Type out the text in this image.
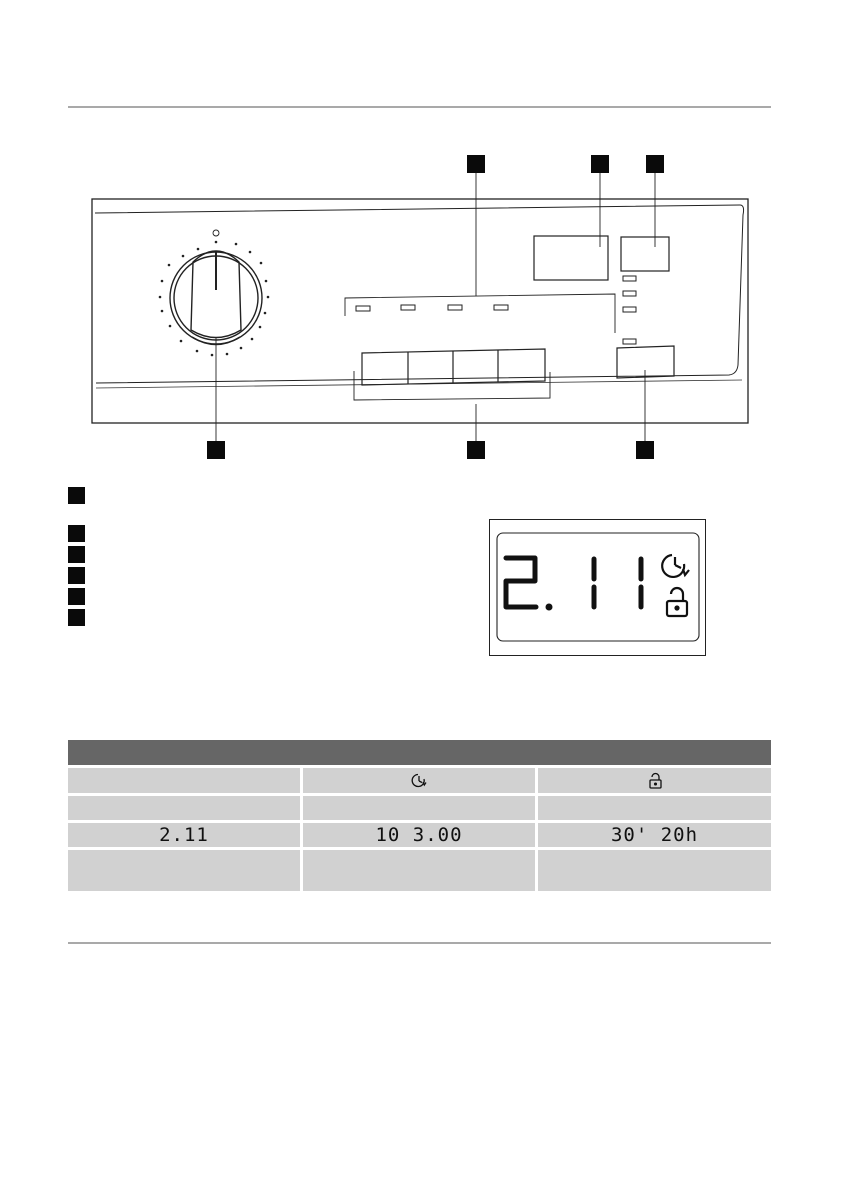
2.11	10 3.00	30' 20h
